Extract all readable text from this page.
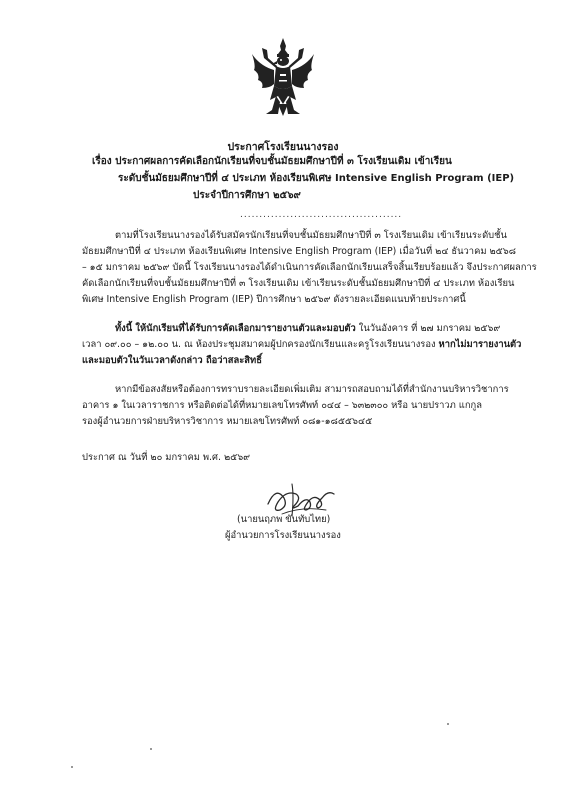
ประกาศโรงเรียนนางรอง
เรื่อง ประกาศผลการคัดเลือกนักเรียนที่จบชั้นมัธยมศึกษาปีที่ ๓ โรงเรียนเดิม เข้าเรียน
ระดับชั้นมัธยมศึกษาปีที่ ๔ ประเภท ห้องเรียนพิเศษ Intensive English Program (IEP)
ประจำปีการศึกษา ๒๕๖๙
..........................................
ตามที่โรงเรียนนางรองได้รับสมัครนักเรียนที่จบชั้นมัธยมศึกษาปีที่ ๓ โรงเรียนเดิม เข้าเรียนระดับชั้น
มัธยมศึกษาปีที่ ๔ ประเภท ห้องเรียนพิเศษ Intensive English Program (IEP) เมื่อวันที่ ๒๔ ธันวาคม ๒๕๖๘
– ๑๕ มกราคม ๒๕๖๙ บัดนี้ โรงเรียนนางรองได้ดำเนินการคัดเลือกนักเรียนเสร็จสิ้นเรียบร้อยแล้ว จึงประกาศผลการ
คัดเลือกนักเรียนที่จบชั้นมัธยมศึกษาปีที่ ๓ โรงเรียนเดิม เข้าเรียนระดับชั้นมัธยมศึกษาปีที่ ๔ ประเภท ห้องเรียน
พิเศษ Intensive English Program (IEP) ปีการศึกษา ๒๕๖๙ ดังรายละเอียดแนบท้ายประกาศนี้
ทั้งนี้ ให้นักเรียนที่ได้รับการคัดเลือกมารายงานตัวและมอบตัว ในวันอังคาร ที่ ๒๗ มกราคม ๒๕๖๙
เวลา ๐๙.๐๐ – ๑๒.๐๐ น. ณ ห้องประชุมสมาคมผู้ปกครองนักเรียนและครูโรงเรียนนางรอง หากไม่มารายงานตัว
และมอบตัวในวันเวลาดังกล่าว ถือว่าสละสิทธิ์
หากมีข้อสงสัยหรือต้องการทราบรายละเอียดเพิ่มเติม สามารถสอบถามได้ที่สำนักงานบริหารวิชาการ
อาคาร ๑ ในเวลาราชการ หรือติดต่อได้ที่หมายเลขโทรศัพท์ ๐๔๔ – ๖๓๒๓๐๐ หรือ นายปราวภ แกกูล
รองผู้อำนวยการฝ่ายบริหารวิชาการ หมายเลขโทรศัพท์ ๐๘๑-๑๘๕๕๖๔๕
ประกาศ ณ วันที่ ๒๐ มกราคม พ.ศ. ๒๕๖๙
(นายนฤภพ ขันทับไทย)
ผู้อำนวยการโรงเรียนนางรอง
